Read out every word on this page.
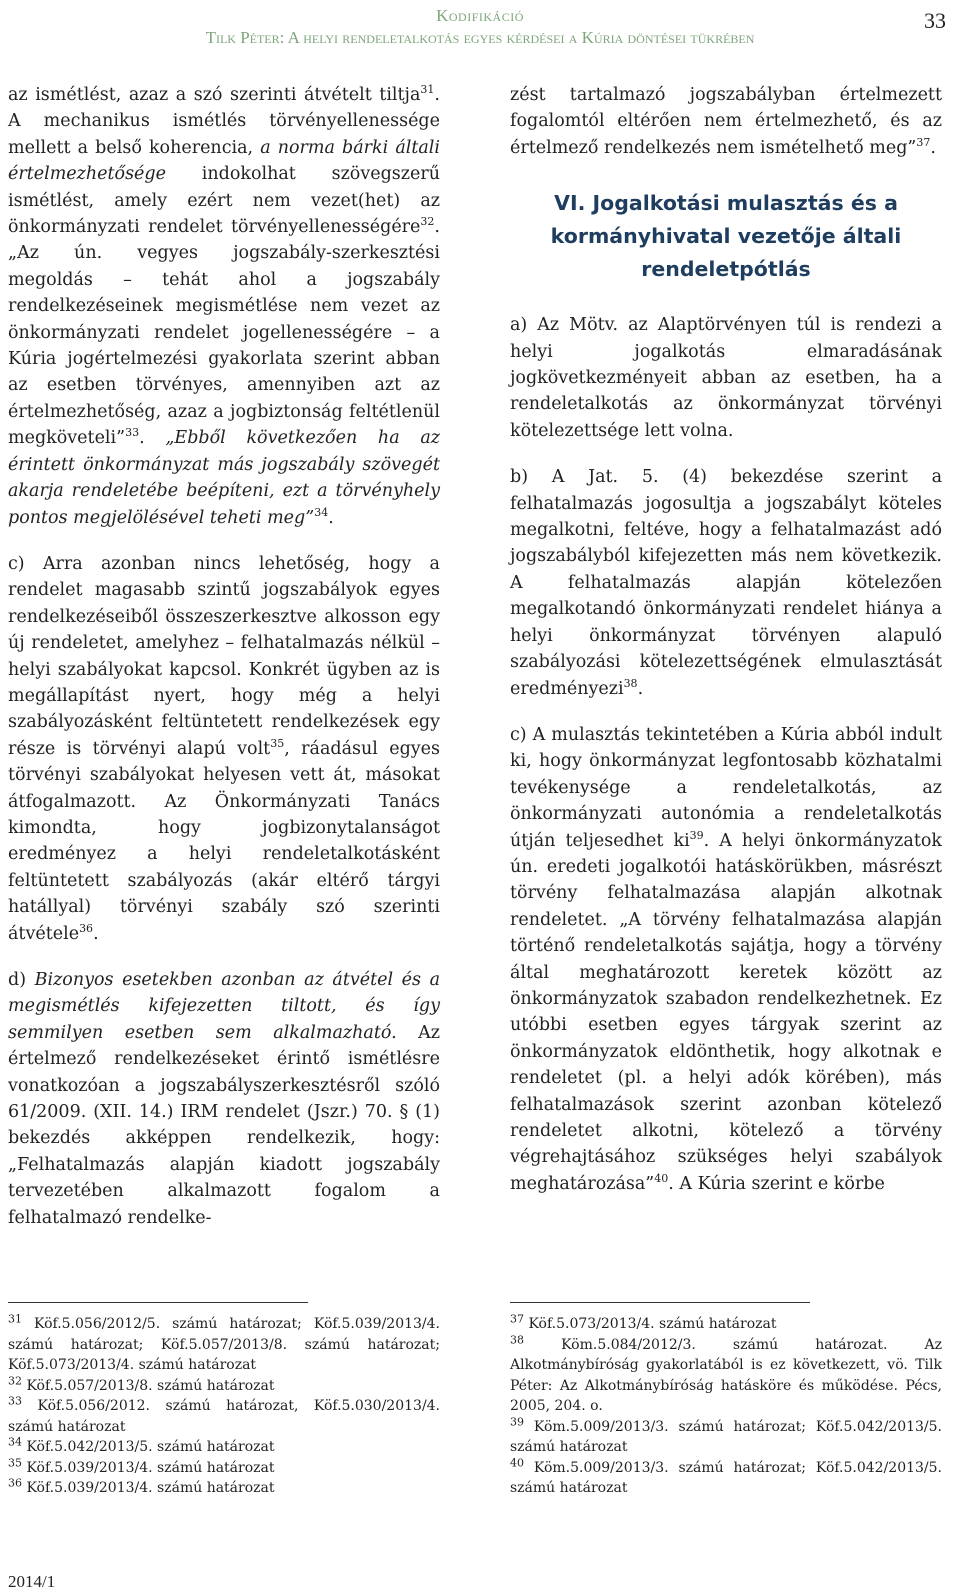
Kodifikáció
Tilk Péter: A helyi rendeletalkotás egyes kérdései a Kúria döntései tükrében
33

az ismétlést, azaz a szó szerinti átvételt tiltja$^{31}$. A mechanikus ismétlés törvényellenessége mellett a belső koherencia, a norma bárki általi értelmezhetősége indokolhat szövegszerű ismétlést, amely ezért nem vezet(het) az önkormányzati rendelet törvényellenességére$^{32}$. „Az ún. vegyes jogszabály-szerkesztési megoldás – tehát ahol a jogszabály rendelkezéseinek megismétlése nem vezet az önkormányzati rendelet jogellenességére – a Kúria jogértelmezési gyakorlata szerint abban az esetben törvényes, amennyiben azt az értelmezhetőség, azaz a jogbiztonság feltétlenül megköveteli”$^{33}$. „Ebből következően ha az érintett önkormányzat más jogszabály szövegét akarja rendeletébe beépíteni, ezt a törvényhely pontos megjelölésével teheti meg”$^{34}$.

c) Arra azonban nincs lehetőség, hogy a rendelet magasabb szintű jogszabályok egyes rendelkezéseiből összeszerkesztve alkosson egy új rendeletet, amelyhez – felhatalmazás nélkül – helyi szabályokat kapcsol. Konkrét ügyben az is megállapítást nyert, hogy még a helyi szabályozásként feltüntetett rendelkezések egy része is törvényi alapú volt$^{35}$, ráadásul egyes törvényi szabályokat helyesen vett át, másokat átfogalmazott. Az Önkormányzati Tanács kimondta, hogy jogbizonytalanságot eredményez a helyi rendeletalkotásként feltüntetett szabályozás (akár eltérő tárgyi hatállyal) törvényi szabály szó szerinti átvétele$^{36}$.

d) Bizonyos esetekben azonban az átvétel és a megismétlés kifejezetten tiltott, és így semmilyen esetben sem alkalmazható. Az értelmező rendelkezéseket érintő ismétlésre vonatkozóan a jogszabályszerkesztésről szóló 61/2009. (XII. 14.) IRM rendelet (Jszr.) 70. § (1) bekezdés akképpen rendelkezik, hogy: „Felhatalmazás alapján kiadott jogszabály tervezetében alkalmazott fogalom a felhatalmazó rendelke-

zést tartalmazó jogszabályban értelmezett fogalomtól eltérően nem értelmezhető, és az értelmező rendelkezés nem ismételhető meg”$^{37}$.

VI. Jogalkotási mulasztás és a kormányhivatal vezetője általi rendeletpótlás

a) Az Mötv. az Alaptörvényen túl is rendezi a helyi jogalkotás elmaradásának jogkövetkezményeit abban az esetben, ha a rendeletalkotás az önkormányzat törvényi kötelezettsége lett volna.

b) A Jat. 5. (4) bekezdése szerint a felhatalmazás jogosultja a jogszabályt köteles megalkotni, feltéve, hogy a felhatalmazást adó jogszabályból kifejezetten más nem következik. A felhatalmazás alapján kötelezően megalkotandó önkormányzati rendelet hiánya a helyi önkormányzat törvényen alapuló szabályozási kötelezettségének elmulasztását eredményezi$^{38}$.

c) A mulasztás tekintetében a Kúria abból indult ki, hogy önkormányzat legfontosabb közhatalmi tevékenysége a rendeletalkotás, az önkormányzati autonómia a rendeletalkotás útján teljesedhet $ki^{39}$. A helyi önkormányzatok ún. eredeti jogalkotói hatáskörükben, másrészt törvény felhatalmazása alapján alkotnak rendeletet. „A törvény felhatalmazása alapján történő rendeletalkotás sajátja, hogy a törvény által meghatározott keretek között az önkormányzatok szabadon rendelkezhetnek. Ez utóbbi esetben egyes tárgyak szerint az önkormányzatok eldönthetik, hogy alkotnak e rendeletet (pl. a helyi adók körében), más felhatalmazások szerint azonban kötelező rendeletet alkotni, kötelező a törvény végrehajtásához szükséges helyi szabályok meghatározása”$^{40}$. A Kúria szerint e körbe

$^{31}$ Köf.5.056/2012/5. számú határozat; Köf.5.039/2013/4. számú határozat; Köf.5.057/2013/8. számú határozat; Köf.5.073/2013/4. számú határozat
$^{32}$ Köf.5.057/2013/8. számú határozat
$^{33}$ Köf.5.056/2012. számú határozat, Köf.5.030/2013/4. számú határozat
$^{34}$ Köf.5.042/2013/5. számú határozat
$^{35}$ Köf.5.039/2013/4. számú határozat
$^{36}$ Köf.5.039/2013/4. számú határozat
$^{37}$ Köf.5.073/2013/4. számú határozat
$^{38}$	Köm.5.084/2012/3. számú határozat. Az Alkotmánybíróság gyakorlatából is ez következett, vö. Tilk Péter: Az Alkotmánybíróság hatásköre és működése. Pécs, 2005, 204. o.
$^{39}$ Köm.5.009/2013/3. számú határozat; Köf.5.042/2013/5. számú határozat
$^{40}$ Köm.5.009/2013/3. számú határozat; Köf.5.042/2013/5. számú határozat
2014/1
